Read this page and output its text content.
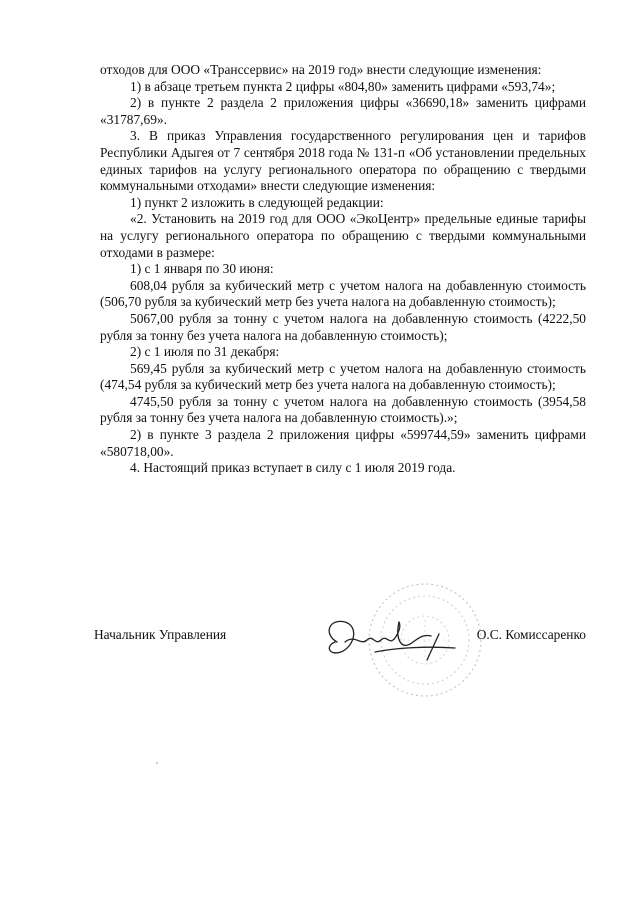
отходов для ООО «Транссервис» на 2019 год» внести следующие изменения:

1) в абзаце третьем пункта 2 цифры «804,80» заменить цифрами «593,74»;

2) в пункте 2 раздела 2 приложения цифры «36690,18» заменить цифрами «31787,69».

3. В приказ Управления государственного регулирования цен и тарифов Республики Адыгея от 7 сентября 2018 года № 131-п «Об установлении предельных единых тарифов на услугу регионального оператора по обращению с твердыми коммунальными отходами» внести следующие изменения:

1) пункт 2 изложить в следующей редакции:

«2. Установить на 2019 год для ООО «ЭкоЦентр» предельные единые тарифы на услугу регионального оператора по обращению с твердыми коммунальными отходами в размере:

1) с 1 января по 30 июня:

608,04 рубля за кубический метр с учетом налога на добавленную стоимость (506,70 рубля за кубический метр без учета налога на добавленную стоимость);

5067,00 рубля за тонну с учетом налога на добавленную стоимость (4222,50 рубля за тонну без учета налога на добавленную стоимость);

2) с 1 июля по 31 декабря:

569,45 рубля за кубический метр с учетом налога на добавленную стоимость (474,54 рубля за кубический метр без учета налога на добавленную стоимость);

4745,50 рубля за тонну с учетом налога на добавленную стоимость (3954,58 рубля за тонну без учета налога на добавленную стоимость).»;

2) в пункте 3 раздела 2 приложения цифры «599744,59» заменить цифрами «580718,00».

4. Настоящий приказ вступает в силу с 1 июля 2019 года.

Начальник Управления	О.С. Комиссаренко
